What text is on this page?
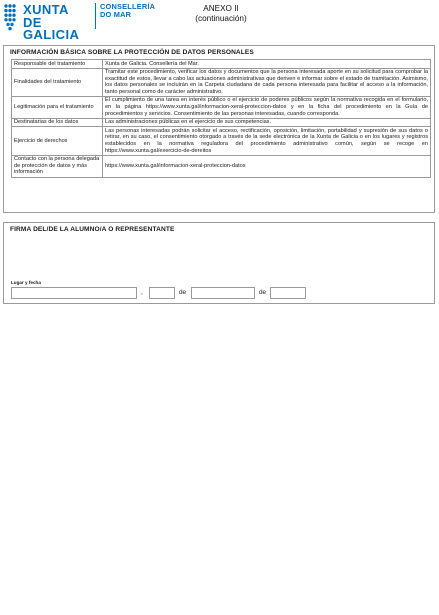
XUNTA
DE GALICIA
CONSELLERÍA
DO MAR
ANEXO II
(continuación)
INFORMACIÓN BÁSICA SOBRE LA PROTECCIÓN DE DATOS PERSONALES
Responsable del tratamiento	Xunta de Galicia. Consellería del Mar.
Finalidades del tratamiento	Tramitar este procedimiento, verificar los datos y documentos que la persona interesada aporte en su solicitud para comprobar la exactitud de estos, llevar a cabo las actuaciones administrativas que deriven e informar sobre el estado de tramitación. Asimismo, los datos personales se incluirán en la Carpeta ciudadana de cada persona interesada para facilitar el acceso a la información, tanto personal como de carácter administrativo.
Legitimación para el tratamiento	El cumplimiento de una tarea en interés público o el ejercicio de poderes públicos según la normativa recogida en el formulario, en la página https://www.xunta.gal/informacion-xeral-proteccion-datos y en la ficha del procedimiento en la Guía de procedimientos y servicios. Consentimiento de las personas interesadas, cuando corresponda.
Destinatarias de los datos	Las administraciones públicas en el ejercicio de sus competencias.
Ejercicio de derechos	Las personas interesadas podrán solicitar el acceso, rectificación, oposición, limitación, portabilidad y supresión de sus datos o retirar, en su caso, el consentimiento otorgado a través de la sede electrónica de la Xunta de Galicia o en los lugares y registros establecidos en la normativa reguladora del procedimiento administrativo común, según se recoge en https://www.xunta.gal/exercicio-de-dereitos
Contacto con la persona delegada de protección de datos y más información	https://www.xunta.gal/informacion-xeral-proteccion-datos
FIRMA DEL/DE LA ALUMNO/A O REPRESENTANTE
Lugar y fecha
,	de	de
